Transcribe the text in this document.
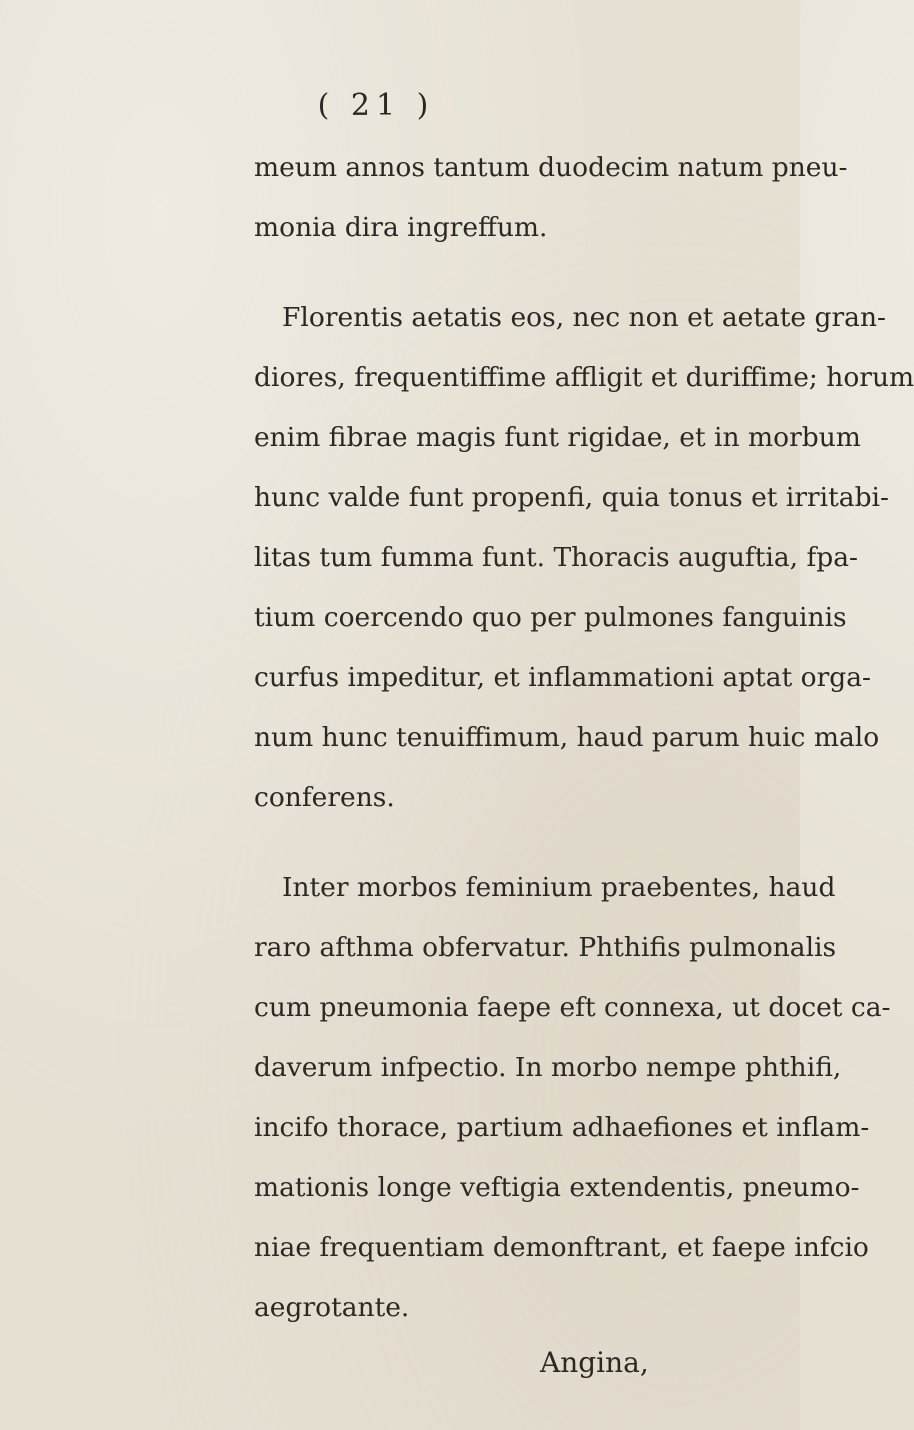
( 21 )
meum annos tantum duodecim natum pneu-
monia dira ingreffum.
Florentis aetatis eos, nec non et aetate gran-
diores, frequentiffime affligit et duriffime; horum
enim fibrae magis funt rigidae, et in morbum
hunc valde funt propenfi, quia tonus et irritabi-
litas tum fumma funt. Thoracis auguftia, fpa-
tium coercendo quo per pulmones fanguinis
curfus impeditur, et inflammationi aptat orga-
num hunc tenuiffimum, haud parum huic malo
conferens.
Inter morbos feminium praebentes, haud
raro afthma obfervatur. Phthifis pulmonalis
cum pneumonia faepe eft connexa, ut docet ca-
daverum infpectio. In morbo nempe phthifi,
incifo thorace, partium adhaefiones et inflam-
mationis longe veftigia extendentis, pneumo-
niae frequentiam demonftrant, et faepe infcio
aegrotante.
Angina,
